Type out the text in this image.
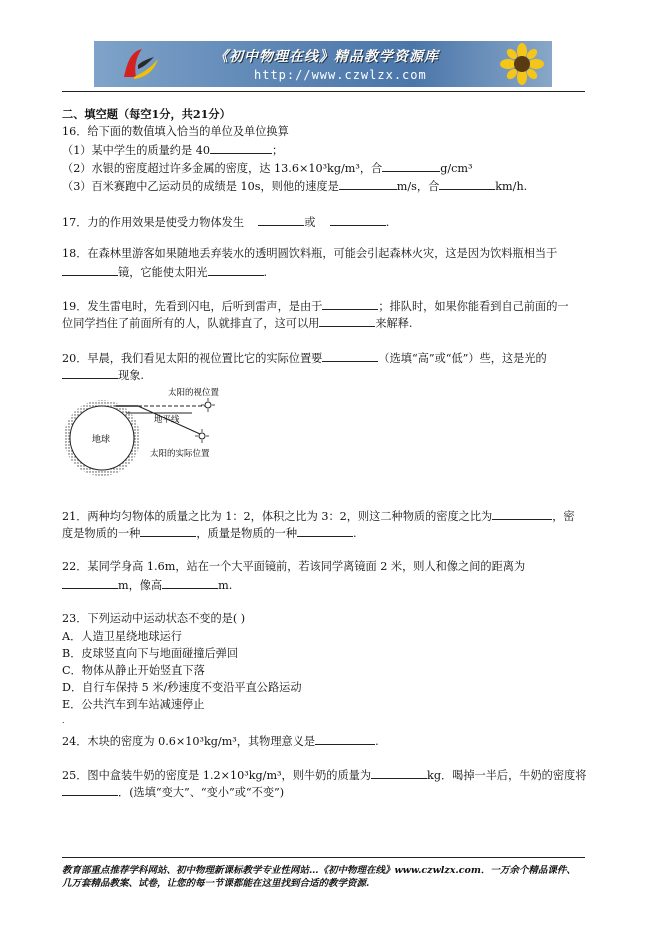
《初中物理在线》精品教学资源库
http://www.czwlzx.com
二、填空题（每空1分，共21分）
16．给下面的数值填入恰当的单位及单位换算
（1）某中学生的质量约是 40	；
（2）水银的密度超过许多金属的密度，达 13.6×10³kg/m³，合	g/cm³
（3）百米赛跑中乙运动员的成绩是 10s，则他的速度是	m/s，合	km/h.
17．力的作用效果是使受力物体发生	或	.
18．在森林里游客如果随地丢弃装水的透明圆饮料瓶，可能会引起森林火灾，这是因为饮料瓶相当于
镜，它能使太阳光	.
19．发生雷电时，先看到闪电，后听到雷声，是由于	；排队时，如果你能看到自己前面的一
位同学挡住了前面所有的人，队就排直了，这可以用	来解释.
20．早晨，我们看见太阳的视位置比它的实际位置要	（选填“高”或“低”）些，这是光的
现象.
太阳的视位置
地平线
地球
太阳的实际位置
21．两种均匀物体的质量之比为 1：2，体积之比为 3：2，则这二种物质的密度之比为	，密
度是物质的一种	，质量是物质的一种	.
22．某同学身高 1.6m，站在一个大平面镜前，若该同学离镜面 2 米，则人和像之间的距离为
m，像高	m.
23．下列运动中运动状态不变的是( )
A．人造卫星绕地球运行
B．皮球竖直向下与地面碰撞后弹回
C．物体从静止开始竖直下落
D．自行车保持 5 米/秒速度不变沿平直公路运动
E．公共汽车到车站减速停止
.
24．木块的密度为 0.6×10³kg/m³，其物理意义是	.
25．图中盒装牛奶的密度是 1.2×10³kg/m³，则牛奶的质量为	kg．喝掉一半后，牛奶的密度将
．(选填“变大”、“变小”或“不变”)
教育部重点推荐学科网站、初中物理新课标教学专业性网站…《初中物理在线》www.czwlzx.com．一万余个精品课件、
几万套精品教案、试卷，让您的每一节课都能在这里找到合适的教学资源.
